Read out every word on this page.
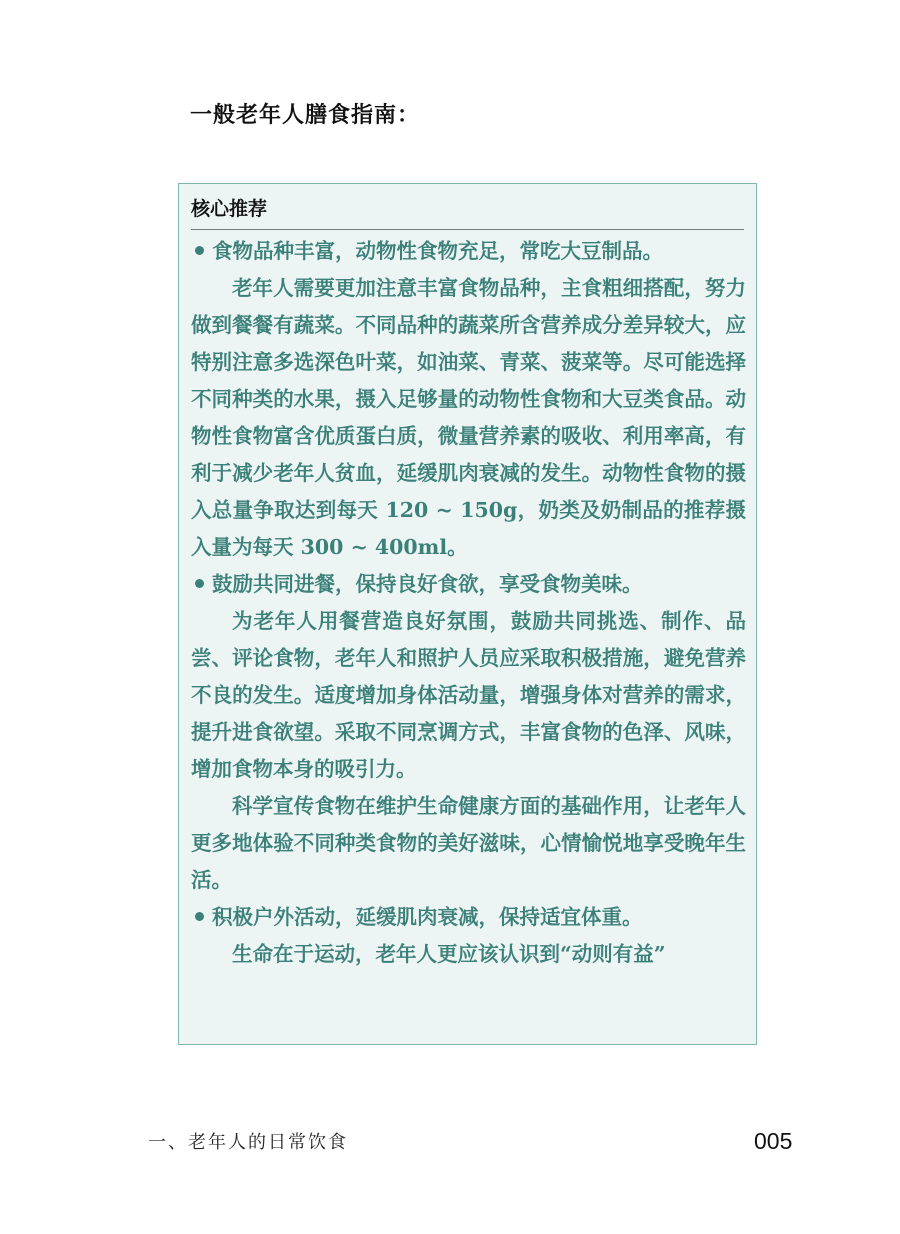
一般老年人膳食指南：
核心推荐

食物品种丰富，动物性食物充足，常吃大豆制品。

老年人需要更加注意丰富食物品种，主食粗细搭配，努力做到餐餐有蔬菜。不同品种的蔬菜所含营养成分差异较大，应特别注意多选深色叶菜，如油菜、青菜、菠菜等。尽可能选择不同种类的水果，摄入足够量的动物性食物和大豆类食品。动物性食物富含优质蛋白质，微量营养素的吸收、利用率高，有利于减少老年人贫血，延缓肌肉衰减的发生。动物性食物的摄入总量争取达到每天 120 ~ 150g，奶类及奶制品的推荐摄入量为每天 300 ~ 400ml。

鼓励共同进餐，保持良好食欲，享受食物美味。

为老年人用餐营造良好氛围，鼓励共同挑选、制作、品尝、评论食物，老年人和照护人员应采取积极措施，避免营养不良的发生。适度增加身体活动量，增强身体对营养的需求，提升进食欲望。采取不同烹调方式，丰富食物的色泽、风味，增加食物本身的吸引力。

科学宣传食物在维护生命健康方面的基础作用，让老年人更多地体验不同种类食物的美好滋味，心情愉悦地享受晚年生活。

积极户外活动，延缓肌肉衰减，保持适宜体重。

生命在于运动，老年人更应该认识到“动则有益”

一、老年人的日常饮食	005
